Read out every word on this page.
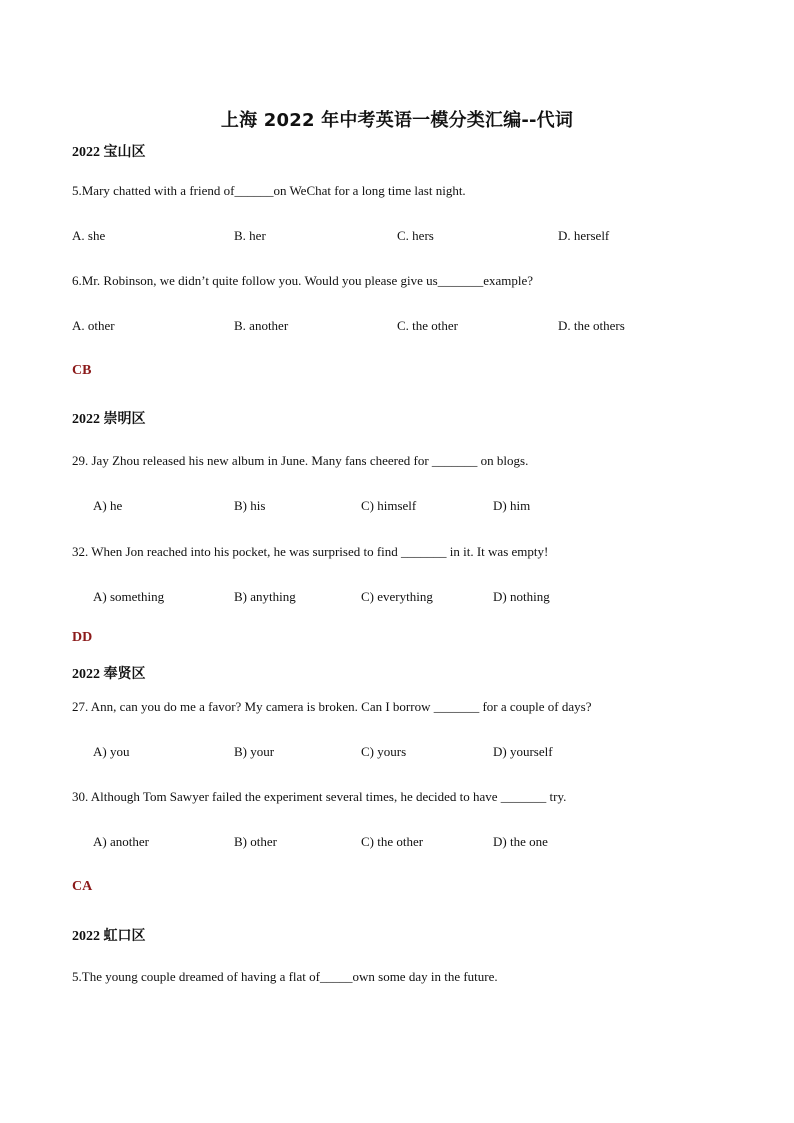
上海 2022 年中考英语一模分类汇编--代词
2022 宝山区
5.Mary chatted with a friend of______on WeChat for a long time last night.
A. she	B. her	C. hers	D. herself
6.Mr. Robinson, we didn’t quite follow you. Would you please give us_______example?
A. other	B. another	C. the other	D. the others
CB
2022 崇明区
29. Jay Zhou released his new album in June. Many fans cheered for _______ on blogs.
A) he	B) his	C) himself	D) him
32. When Jon reached into his pocket, he was surprised to find _______ in it. It was empty!
A) something	B) anything	C) everything	D) nothing
DD
2022 奉贤区
27. Ann, can you do me a favor? My camera is broken. Can I borrow _______ for a couple of days?
A) you	B) your	C) yours	D) yourself
30. Although Tom Sawyer failed the experiment several times, he decided to have _______ try.
A) another	B) other	C) the other	D) the one
CA
2022 虹口区
5.The young couple dreamed of having a flat of_____own some day in the future.
